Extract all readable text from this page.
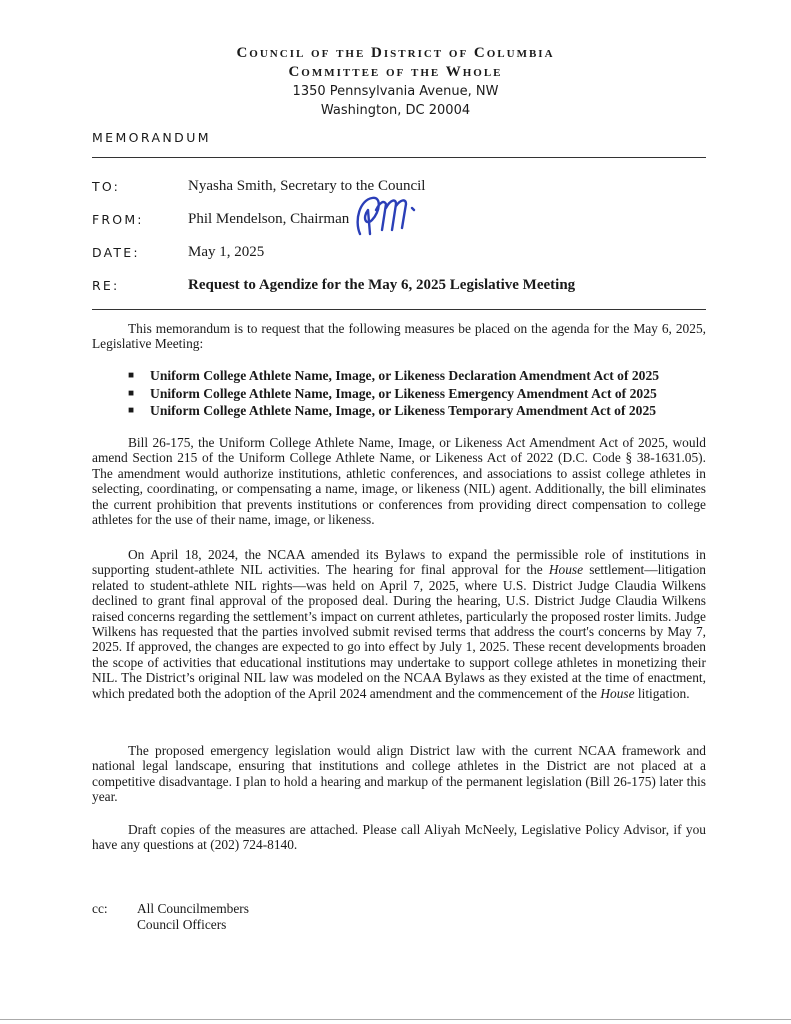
Council of the District of Columbia
Committee of the Whole
1350 Pennsylvania Avenue, NW
Washington, DC 20004
MEMORANDUM
TO:	Nyasha Smith, Secretary to the Council
FROM:	Phil Mendelson, Chairman
DATE:	May 1, 2025
RE:	Request to Agendize for the May 6, 2025 Legislative Meeting

This memorandum is to request that the following measures be placed on the agenda for the May 6, 2025, Legislative Meeting:

■ Uniform College Athlete Name, Image, or Likeness Declaration Amendment Act of 2025
■ Uniform College Athlete Name, Image, or Likeness Emergency Amendment Act of 2025
■ Uniform College Athlete Name, Image, or Likeness Temporary Amendment Act of 2025

Bill 26-175, the Uniform College Athlete Name, Image, or Likeness Act Amendment Act of 2025, would amend Section 215 of the Uniform College Athlete Name, or Likeness Act of 2022 (D.C. Code § 38-1631.05). The amendment would authorize institutions, athletic conferences, and associations to assist college athletes in selecting, coordinating, or compensating a name, image, or likeness (NIL) agent. Additionally, the bill eliminates the current prohibition that prevents institutions or conferences from providing direct compensation to college athletes for the use of their name, image, or likeness.

On April 18, 2024, the NCAA amended its Bylaws to expand the permissible role of institutions in supporting student-athlete NIL activities. The hearing for final approval for the House settlement—litigation related to student-athlete NIL rights—was held on April 7, 2025, where U.S. District Judge Claudia Wilkens declined to grant final approval of the proposed deal. During the hearing, U.S. District Judge Claudia Wilkens raised concerns regarding the settlement’s impact on current athletes, particularly the proposed roster limits. Judge Wilkens has requested that the parties involved submit revised terms that address the court's concerns by May 7, 2025. If approved, the changes are expected to go into effect by July 1, 2025. These recent developments broaden the scope of activities that educational institutions may undertake to support college athletes in monetizing their NIL. The District’s original NIL law was modeled on the NCAA Bylaws as they existed at the time of enactment, which predated both the adoption of the April 2024 amendment and the commencement of the House litigation.

The proposed emergency legislation would align District law with the current NCAA framework and national legal landscape, ensuring that institutions and college athletes in the District are not placed at a competitive disadvantage. I plan to hold a hearing and markup of the permanent legislation (Bill 26-175) later this year.

Draft copies of the measures are attached. Please call Aliyah McNeely, Legislative Policy Advisor, if you have any questions at (202) 724-8140.

cc: All Councilmembers
Council Officers
